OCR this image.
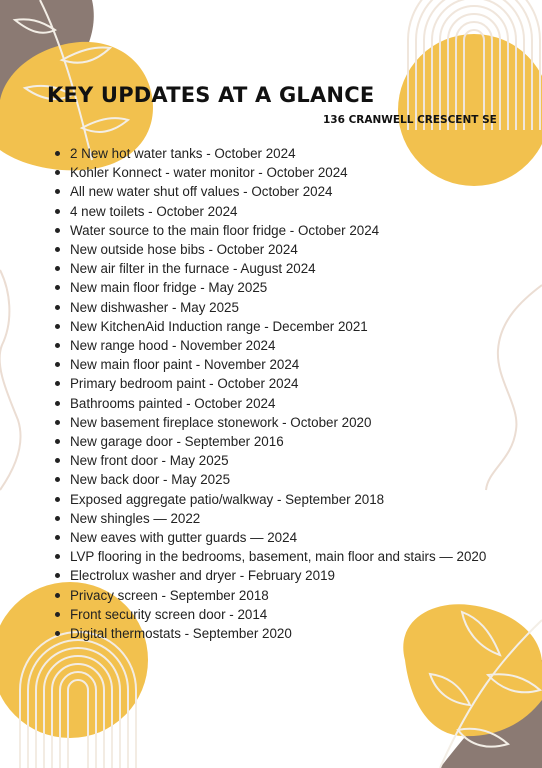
KEY UPDATES AT A GLANCE

136 CRANWELL CRESCENT SE

2 New hot water tanks - October 2024
Kohler Konnect - water monitor - October 2024
All new water shut off values - October 2024
4 new toilets - October 2024
Water source to the main floor fridge - October 2024
New outside hose bibs - October 2024
New air filter in the furnace - August 2024
New main floor fridge - May 2025
New dishwasher - May 2025
New KitchenAid Induction range - December 2021
New range hood - November 2024
New main floor paint - November 2024
Primary bedroom paint - October 2024
Bathrooms painted - October 2024
New basement fireplace stonework - October 2020
New garage door - September 2016
New front door - May 2025
New back door - May 2025
Exposed aggregate patio/walkway - September 2018
New shingles — 2022
New eaves with gutter guards — 2024
LVP flooring in the bedrooms, basement, main floor and stairs — 2020
Electrolux washer and dryer - February 2019
Privacy screen - September 2018
Front security screen door - 2014
Digital thermostats - September 2020
